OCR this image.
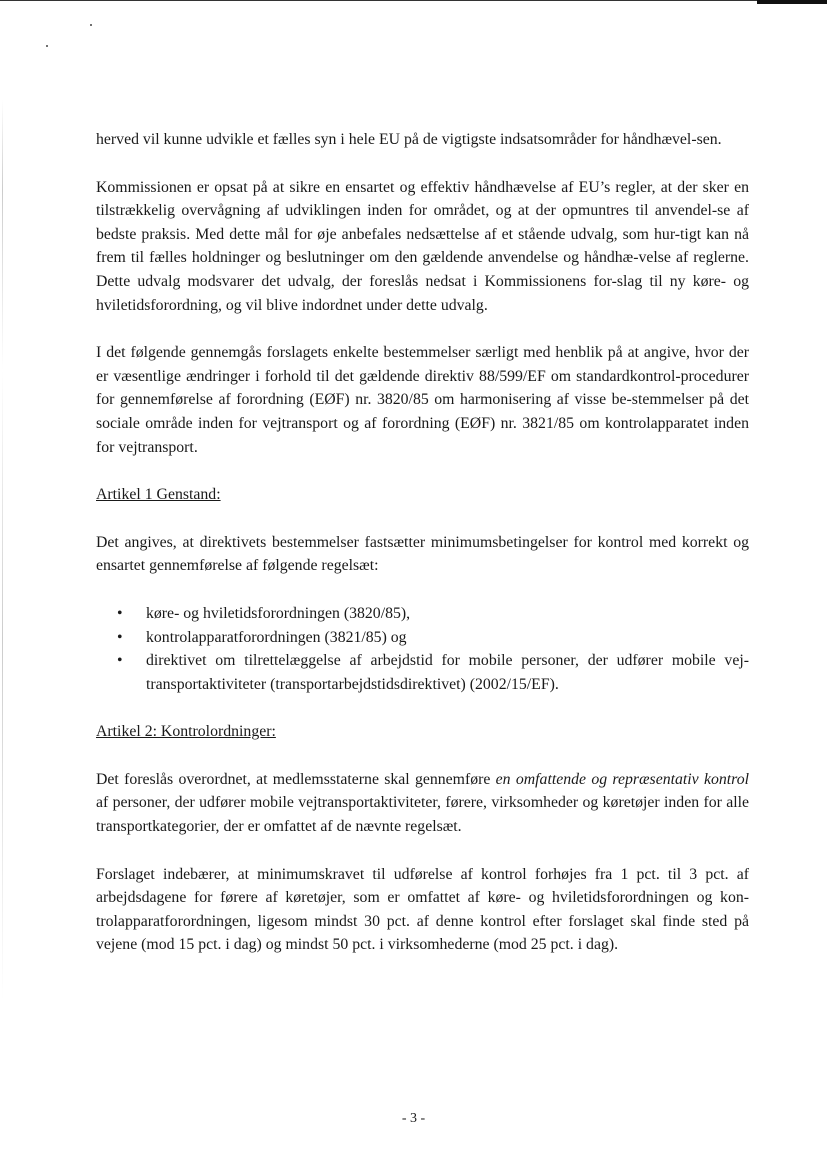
herved vil kunne udvikle et fælles syn i hele EU på de vigtigste indsatsområder for håndhævel-sen.

Kommissionen er opsat på at sikre en ensartet og effektiv håndhævelse af EU’s regler, at der sker en tilstrækkelig overvågning af udviklingen inden for området, og at der opmuntres til anvendel-se af bedste praksis. Med dette mål for øje anbefales nedsættelse af et stående udvalg, som hur-tigt kan nå frem til fælles holdninger og beslutninger om den gældende anvendelse og håndhæ-velse af reglerne. Dette udvalg modsvarer det udvalg, der foreslås nedsat i Kommissionens for-slag til ny køre- og hviletidsforordning, og vil blive indordnet under dette udvalg.

I det følgende gennemgås forslagets enkelte bestemmelser særligt med henblik på at angive, hvor der er væsentlige ændringer i forhold til det gældende direktiv 88/599/EF om standardkontrol-procedurer for gennemførelse af forordning (EØF) nr. 3820/85 om harmonisering af visse be-stemmelser på det sociale område inden for vejtransport og af forordning (EØF) nr. 3821/85 om kontrolapparatet inden for vejtransport.

Artikel 1 Genstand:

Det angives, at direktivets bestemmelser fastsætter minimumsbetingelser for kontrol med korrekt og ensartet gennemførelse af følgende regelsæt:

• køre- og hviletidsforordningen (3820/85),
• kontrolapparatforordningen (3821/85) og
• direktivet om tilrettelæggelse af arbejdstid for mobile personer, der udfører mobile vej-transportaktiviteter (transportarbejdstidsdirektivet) (2002/15/EF).
Artikel 2: Kontrolordninger:

Det foreslås overordnet, at medlemsstaterne skal gennemføre en omfattende og repræsentativ kontrol af personer, der udfører mobile vejtransportaktiviteter, førere, virksomheder og køretøjer inden for alle transportkategorier, der er omfattet af de nævnte regelsæt.

Forslaget indebærer, at minimumskravet til udførelse af kontrol forhøjes fra 1 pct. til 3 pct. af arbejdsdagene for førere af køretøjer, som er omfattet af køre- og hviletidsforordningen og kon-trolapparatforordningen, ligesom mindst 30 pct. af denne kontrol efter forslaget skal finde sted på vejene (mod 15 pct. i dag) og mindst 50 pct. i virksomhederne (mod 25 pct. i dag).

- 3 -
